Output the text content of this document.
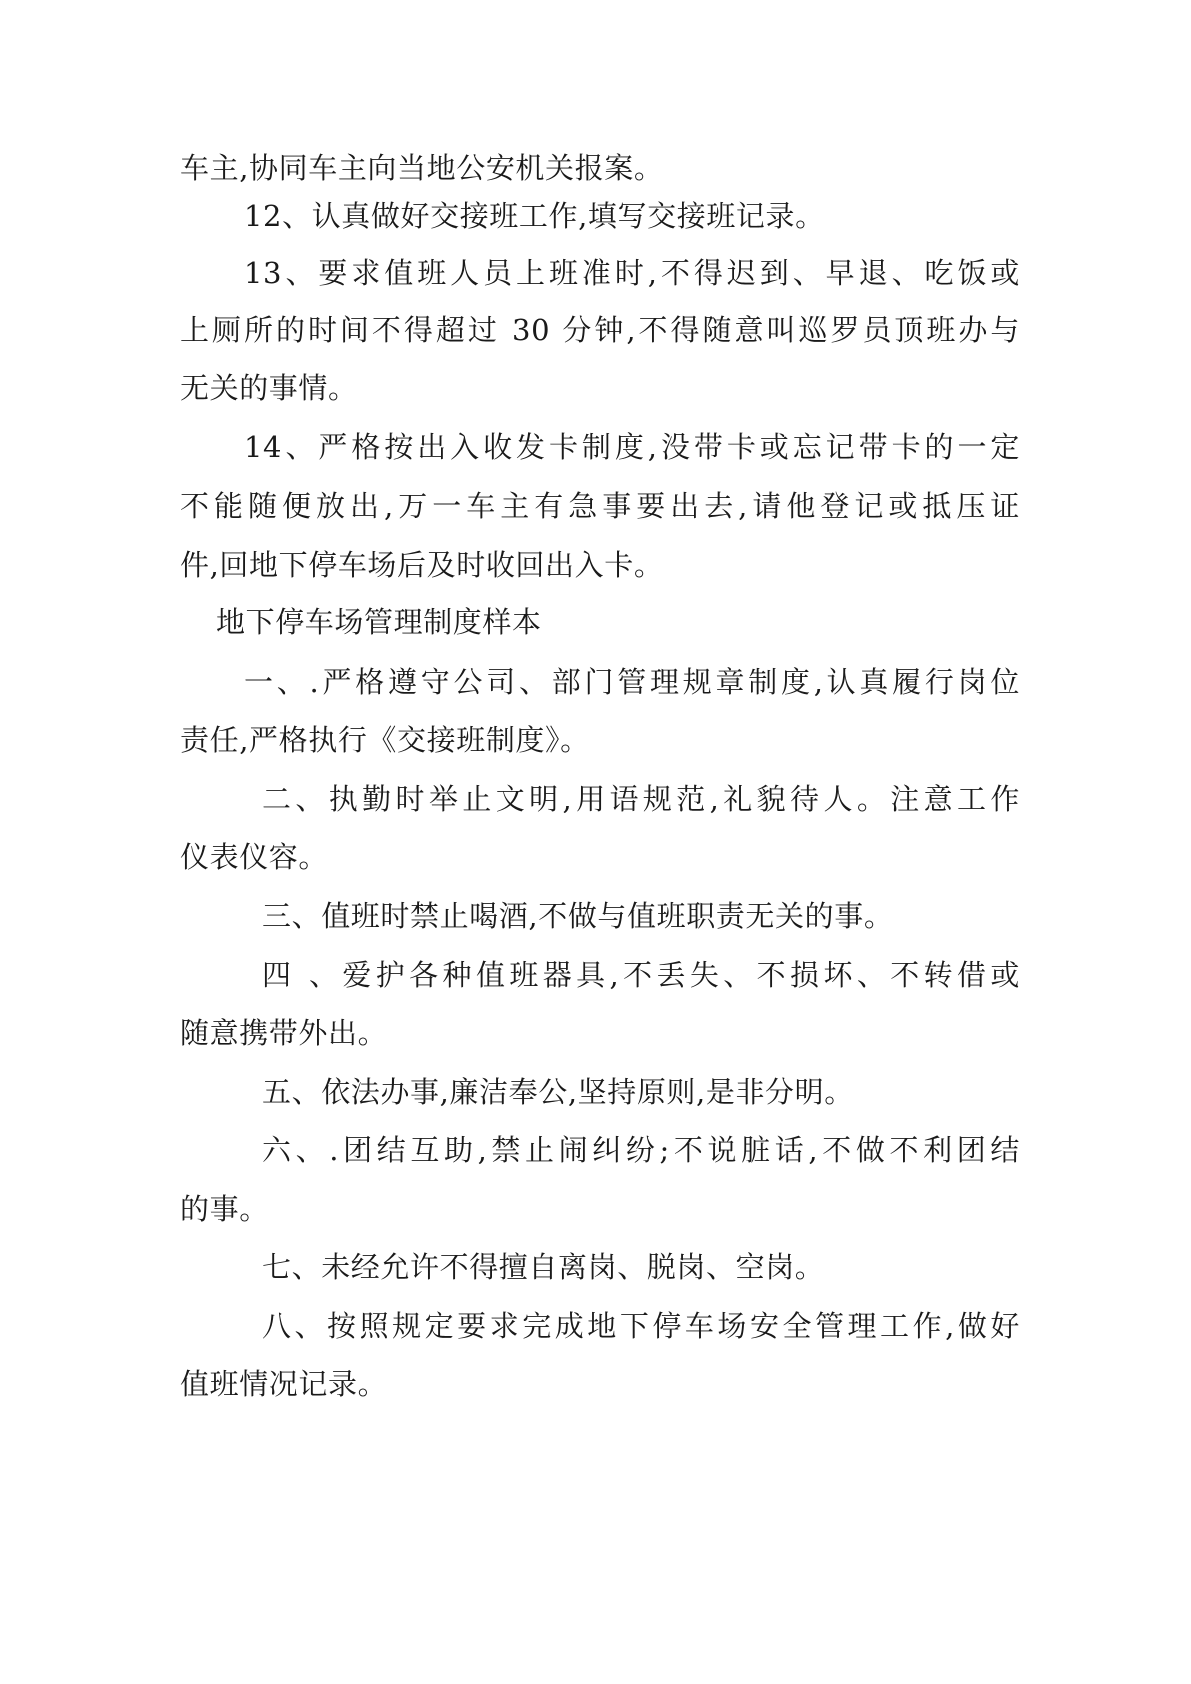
车主,协同车主向当地公安机关报案。
12、认真做好交接班工作,填写交接班记录。
13、要求值班人员上班准时,不得迟到、早退、吃饭或
上厕所的时间不得超过 30 分钟,不得随意叫巡罗员顶班办与
无关的事情。
14、严格按出入收发卡制度,没带卡或忘记带卡的一定
不能随便放出,万一车主有急事要出去,请他登记或抵压证
件,回地下停车场后及时收回出入卡。
地下停车场管理制度样本
一、.严格遵守公司、部门管理规章制度,认真履行岗位
责任,严格执行《交接班制度》。
二、执勤时举止文明,用语规范,礼貌待人。注意工作
仪表仪容。
三、值班时禁止喝酒,不做与值班职责无关的事。
四 、爱护各种值班器具,不丢失、不损坏、不转借或
随意携带外出。
五、依法办事,廉洁奉公,坚持原则,是非分明。
六、.团结互助,禁止闹纠纷;不说脏话,不做不利团结
的事。
七、未经允许不得擅自离岗、脱岗、空岗。
八、按照规定要求完成地下停车场安全管理工作,做好
值班情况记录。
